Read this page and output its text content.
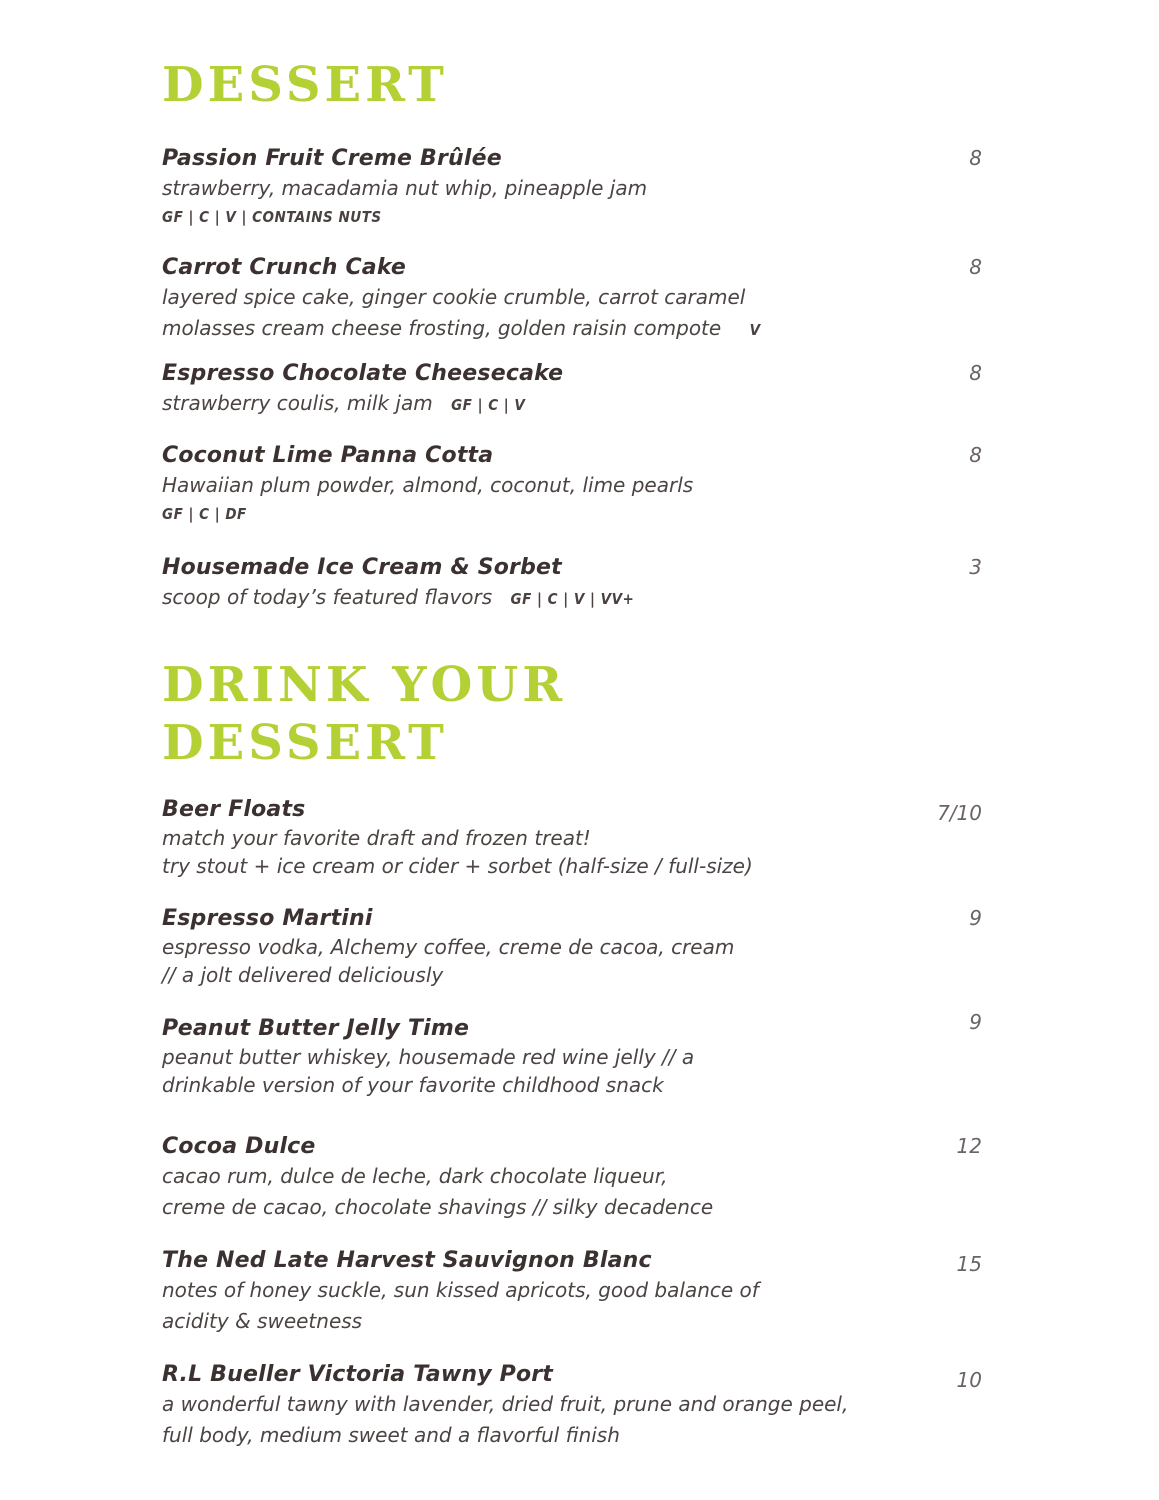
DESSERT
Passion Fruit Creme Brûlée	8
strawberry, macadamia nut whip, pineapple jam
GF | C | V | CONTAINS NUTS
Carrot Crunch Cake	8
layered spice cake, ginger cookie crumble, carrot caramel
molasses cream cheese frosting, golden raisin compote V
Espresso Chocolate Cheesecake	8
strawberry coulis, milk jam GF | C | V
Coconut Lime Panna Cotta	8
Hawaiian plum powder, almond, coconut, lime pearls
GF | C | DF
Housemade Ice Cream & Sorbet	3
scoop of today’s featured flavors GF | C | V | VV+
DRINK YOUR
DESSERT
Beer Floats	7/10
match your favorite draft and frozen treat!
try stout + ice cream or cider + sorbet (half-size / full-size)
Espresso Martini	9
espresso vodka, Alchemy coffee, creme de cacoa, cream
// a jolt delivered deliciously
Peanut Butter Jelly Time	9
peanut butter whiskey, housemade red wine jelly // a
drinkable version of your favorite childhood snack
Cocoa Dulce	12
cacao rum, dulce de leche, dark chocolate liqueur,
creme de cacao, chocolate shavings // silky decadence
The Ned Late Harvest Sauvignon Blanc	15
notes of honey suckle, sun kissed apricots, good balance of
acidity & sweetness
R.L Bueller Victoria Tawny Port	10
a wonderful tawny with lavender, dried fruit, prune and orange peel,
full body, medium sweet and a flavorful finish
